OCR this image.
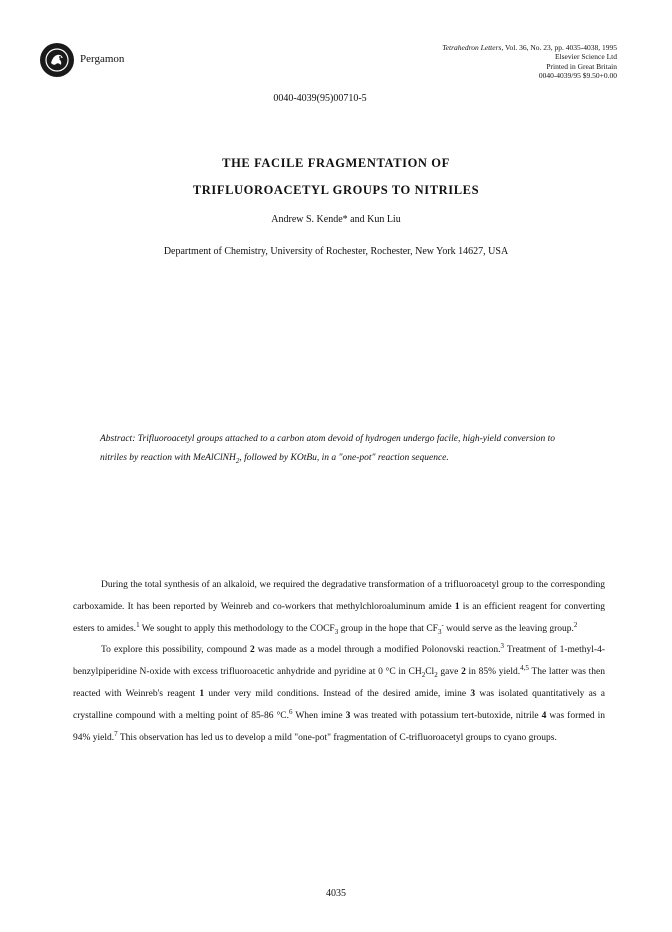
Pergamon
Tetrahedron Letters, Vol. 36, No. 23, pp. 4035-4038, 1995
Elsevier Science Ltd
Printed in Great Britain
0040-4039/95 $9.50+0.00
0040-4039(95)00710-5
THE FACILE FRAGMENTATION OF
TRIFLUOROACETYL GROUPS TO NITRILES
Andrew S. Kende* and Kun Liu
Department of Chemistry, University of Rochester, Rochester, New York 14627, USA
Abstract: Trifluoroacetyl groups attached to a carbon atom devoid of hydrogen undergo facile, high-yield conversion to nitriles by reaction with MeAlClNH$_2$, followed by KOtBu, in a "one-pot" reaction sequence.

During the total synthesis of an alkaloid, we required the degradative transformation of a trifluoroacetyl group to the corresponding carboxamide. It has been reported by Weinreb and co-workers that methylchloroaluminum amide 1 is an efficient reagent for converting esters to amides.$^1$ We sought to apply this methodology to the $COCF_3$ group in the hope that $CF_3^-$ would serve as the leaving group.$^2$

To explore this possibility, compound 2 was made as a model through a modified Polonovski reaction.$^3$ Treatment of 1-methyl-4-benzylpiperidine N-oxide with excess trifluoroacetic anhydride and pyridine at 0 °C in $CH_2Cl_2$ gave 2 in 85% yield.$^{4,5}$ The latter was then reacted with Weinreb's reagent 1 under very mild conditions. Instead of the desired amide, imine 3 was isolated quantitatively as a crystalline compound with a melting point of 85-86 °C.$^6$ When imine 3 was treated with potassium tert-butoxide, nitrile 4 was formed in 94% yield.$^7$ This observation has led us to develop a mild "one-pot" fragmentation of C-trifluoroacetyl groups to cyano groups.

4035
